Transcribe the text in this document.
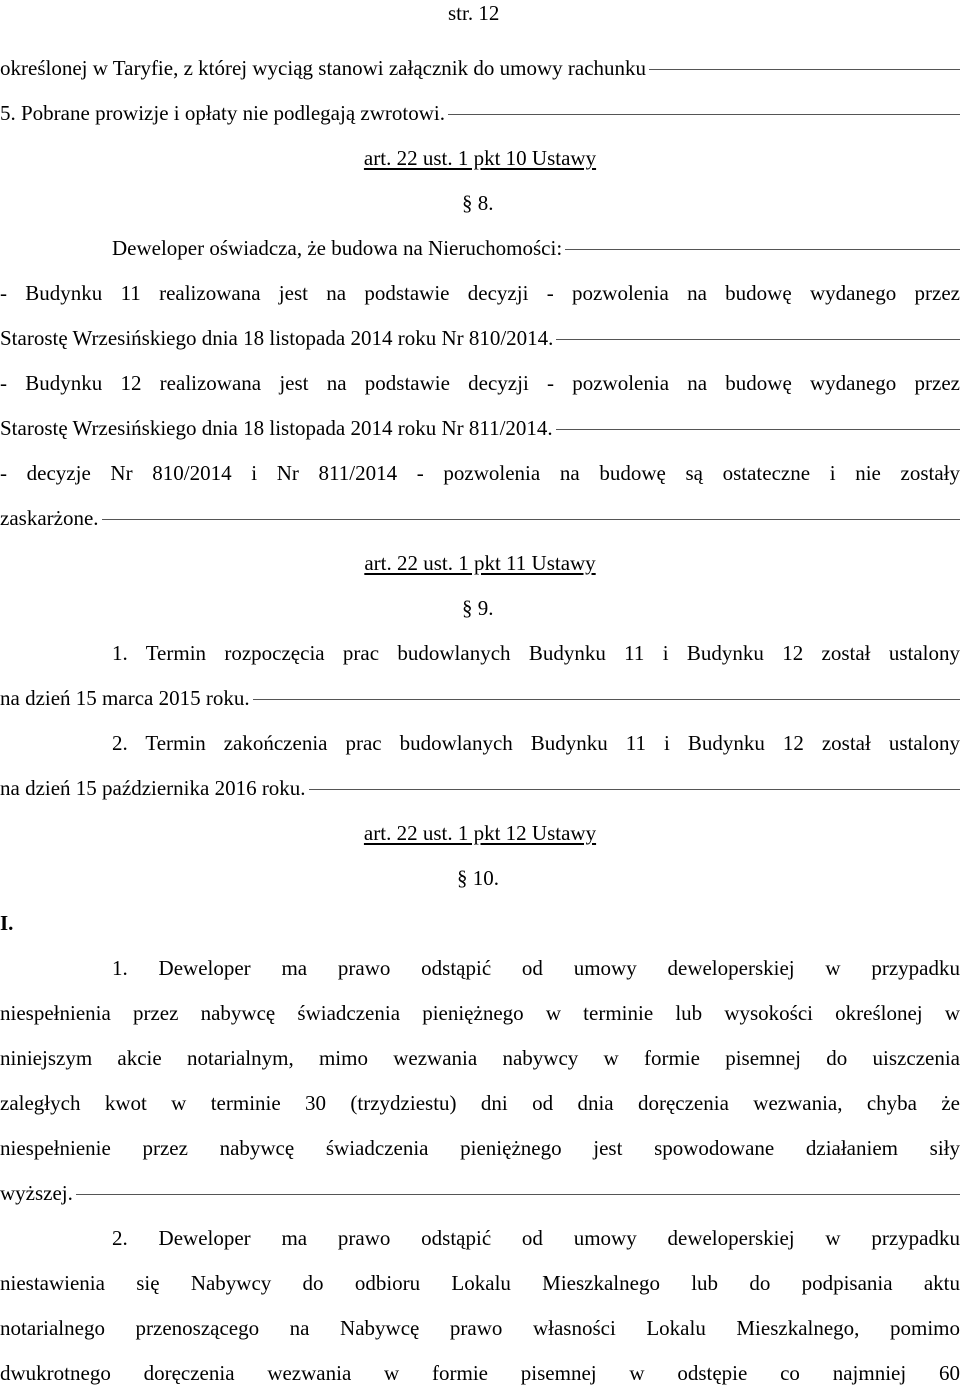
str. 12
określonej w Taryfie, z której wyciąg stanowi załącznik do umowy rachunku
5. Pobrane prowizje i opłaty nie podlegają zwrotowi.
art. 22 ust. 1 pkt 10 Ustawy
§ 8.
Deweloper oświadcza, że budowa na Nieruchomości:
- Budynku 11 realizowana jest na podstawie decyzji - pozwolenia na budowę wydanego przez
Starostę Wrzesińskiego dnia 18 listopada 2014 roku Nr 810/2014.
- Budynku 12 realizowana jest na podstawie decyzji - pozwolenia na budowę wydanego przez
Starostę Wrzesińskiego dnia 18 listopada 2014 roku Nr 811/2014.
- decyzje Nr 810/2014 i Nr 811/2014 - pozwolenia na budowę są ostateczne i nie zostały
zaskarżone.
art. 22 ust. 1 pkt 11 Ustawy
§ 9.
1. Termin rozpoczęcia prac budowlanych Budynku 11 i Budynku 12 został ustalony
na dzień 15 marca 2015 roku.
2. Termin zakończenia prac budowlanych Budynku 11 i Budynku 12 został ustalony
na dzień 15 października 2016 roku.
art. 22 ust. 1 pkt 12 Ustawy
§ 10.
I.
1. Deweloper ma prawo odstąpić od umowy deweloperskiej w przypadku
niespełnienia przez nabywcę świadczenia pieniężnego w terminie lub wysokości określonej w
niniejszym akcie notarialnym, mimo wezwania nabywcy w formie pisemnej do uiszczenia
zaległych kwot w terminie 30 (trzydziestu) dni od dnia doręczenia wezwania, chyba że
niespełnienie przez nabywcę świadczenia pieniężnego jest spowodowane działaniem siły
wyższej.
2. Deweloper ma prawo odstąpić od umowy deweloperskiej w przypadku
niestawienia się Nabywcy do odbioru Lokalu Mieszkalnego lub do podpisania aktu
notarialnego przenoszącego na Nabywcę prawo własności Lokalu Mieszkalnego, pomimo
dwukrotnego doręczenia wezwania w formie pisemnej w odstępie co najmniej 60
